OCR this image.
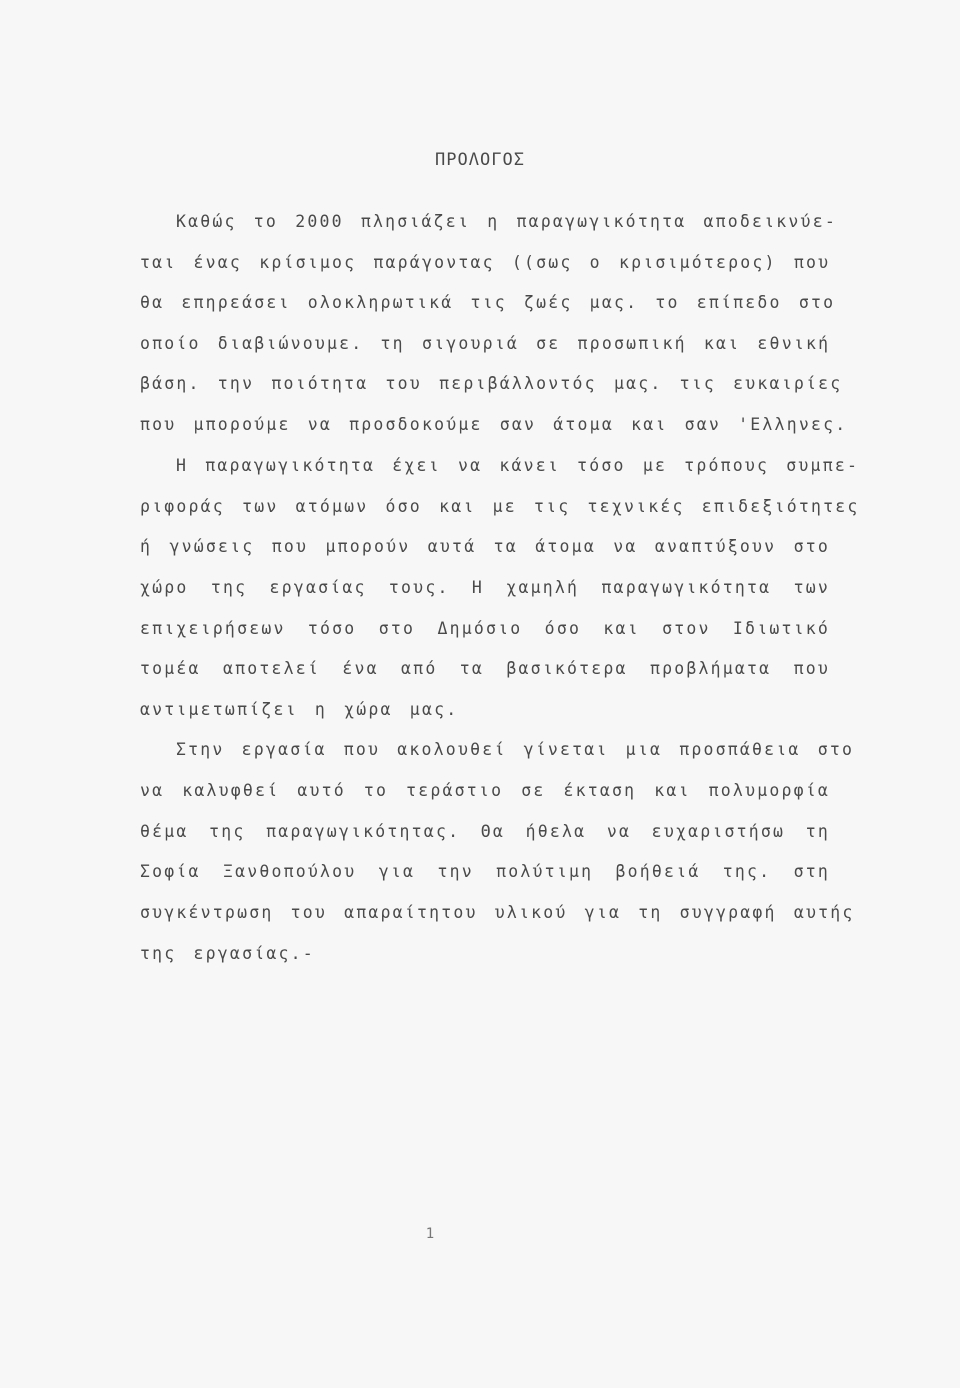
ΠΡΟΛΟΓΟΣ
Καθώς το 2000 πλησιάζει η παραγωγικότητα αποδεικνύε-
ται ένας κρίσιμος παράγοντας ((σως ο κρισιμότερος) που
θα επηρεάσει ολοκληρωτικά τις ζωές μας. το επίπεδο στο
οποίο διαβιώνουμε. τη σιγουριά σε προσωπική και εθνική
βάση. την ποιότητα του περιβάλλοντός μας. τις ευκαιρίες
που μπορούμε να προσδοκούμε σαν άτομα και σαν 'Ελληνες.
Η παραγωγικότητα έχει να κάνει τόσο με τρόπους συμπε-
ριφοράς των ατόμων όσο και με τις τεχνικές επιδεξιότητες
ή γνώσεις που μπορούν αυτά τα άτομα να αναπτύξουν στο
χώρο της εργασίας τους. Η χαμηλή παραγωγικότητα των
επιχειρήσεων τόσο στο Δημόσιο όσο και στον Ιδιωτικό
τομέα αποτελεί ένα από τα βασικότερα προβλήματα που
αντιμετωπίζει η χώρα μας.
Στην εργασία που ακολουθεί γίνεται μια προσπάθεια στο
να καλυφθεί αυτό το τεράστιο σε έκταση και πολυμορφία
θέμα της παραγωγικότητας. Θα ήθελα να ευχαριστήσω τη
Σοφία Ξανθοπούλου για την πολύτιμη βοήθειά της. στη
συγκέντρωση του απαραίτητου υλικού για τη συγγραφή αυτής
της εργασίας.-
1
